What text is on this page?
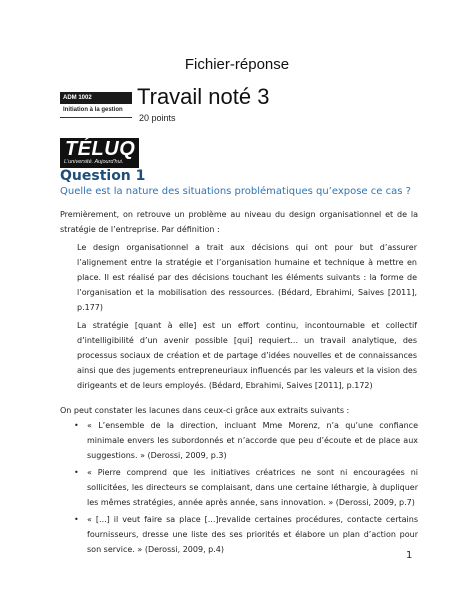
Fichier-réponse
ADM 1002
Initiation à la gestion
Travail noté 3
20 points
TÉLUQ
L'université. Aujourd'hui.
Question 1
Quelle est la nature des situations problématiques qu’expose ce cas ?
Premièrement, on retrouve un problème au niveau du design organisationnel et de la stratégie de l’entreprise. Par définition :
Le design organisationnel a trait aux décisions qui ont pour but d’assurer l’alignement entre la stratégie et l’organisation humaine et technique à mettre en place. Il est réalisé par des décisions touchant les éléments suivants : la forme de l’organisation et la mobilisation des ressources. (Bédard, Ebrahimi, Saives [2011], p.177)
La stratégie [quant à elle] est un effort continu, incontournable et collectif d’intelligibilité d’un avenir possible [qui] requiert... un travail analytique, des processus sociaux de création et de partage d’idées nouvelles et de connaissances ainsi que des jugements entrepreneuriaux influencés par les valeurs et la vision des dirigeants et de leurs employés. (Bédard, Ebrahimi, Saives [2011], p.172)
On peut constater les lacunes dans ceux-ci grâce aux extraits suivants :
• « L’ensemble de la direction, incluant Mme Morenz, n’a qu’une confiance minimale envers les subordonnés et n’accorde que peu d’écoute et de place aux suggestions. » (Derossi, 2009, p.3)
• « Pierre comprend que les initiatives créatrices ne sont ni encouragées ni sollicitées, les directeurs se complaisant, dans une certaine léthargie, à dupliquer les mêmes stratégies, année après année, sans innovation. » (Derossi, 2009, p.7)
• « [...] il veut faire sa place [...]revalide certaines procédures, contacte certains fournisseurs, dresse une liste des ses priorités et élabore un plan d’action pour son service. » (Derossi, 2009, p.4)
1
